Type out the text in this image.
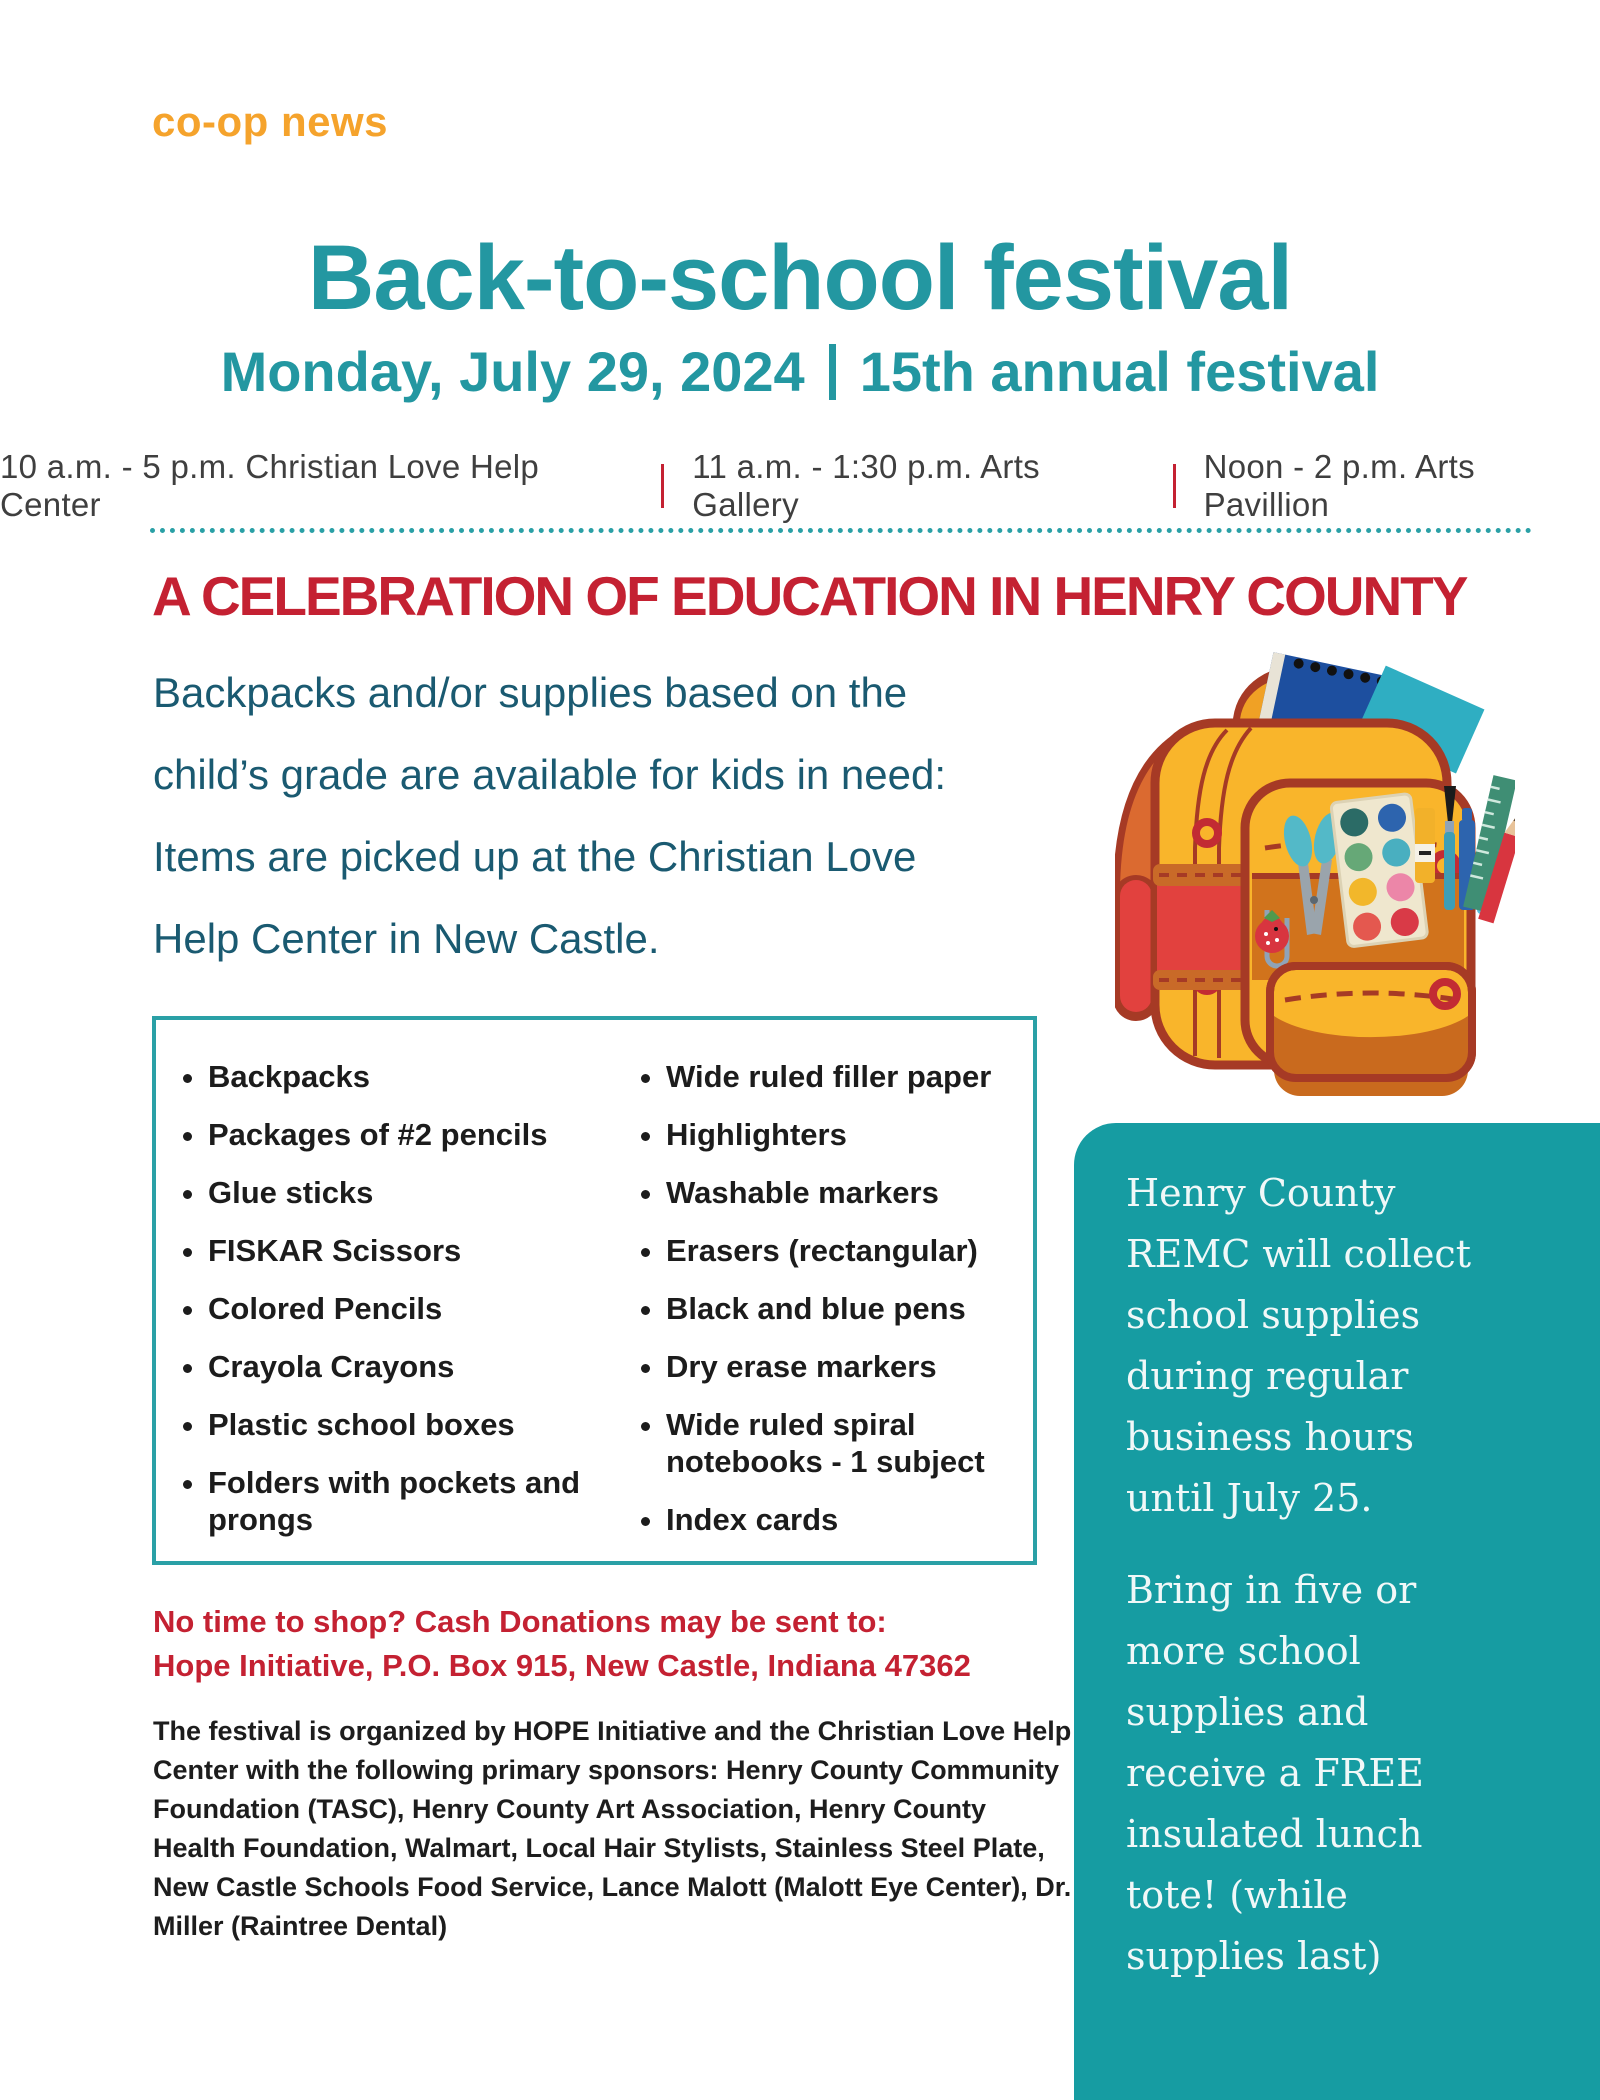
co-op news
Back-to-school festival
Monday, July 29, 2024 15th annual festival
10 a.m. - 5 p.m. Christian Love Help Center
11 a.m. - 1:30 p.m. Arts Gallery
Noon - 2 p.m. Arts Pavillion
A CELEBRATION OF EDUCATION IN HENRY COUNTY
Backpacks and/or supplies based on the
child’s grade are available for kids in need:
Items are picked up at the Christian Love
Help Center in New Castle.
• Backpacks
• Packages of #2 pencils
• Glue sticks
• FISKAR Scissors
• Colored Pencils
• Crayola Crayons
• Plastic school boxes
• Folders with pockets and prongs
• Wide ruled filler paper
• Highlighters
• Washable markers
• Erasers (rectangular)
• Black and blue pens
• Dry erase markers
• Wide ruled spiral notebooks - 1 subject
• Index cards
No time to shop? Cash Donations may be sent to:
Hope Initiative, P.O. Box 915, New Castle, Indiana 47362

The festival is organized by HOPE Initiative and the Christian Love Help Center with the following primary sponsors: Henry County Community Foundation (TASC), Henry County Art Association, Henry County Health Foundation, Walmart, Local Hair Stylists, Stainless Steel Plate, New Castle Schools Food Service, Lance Malott (Malott Eye Center), Dr. Miller (Raintree Dental)

Henry County
REMC will collect
school supplies
during regular
business hours
until July 25.
Bring in five or
more school
supplies and
receive a FREE
insulated lunch
tote! (while
supplies last)
